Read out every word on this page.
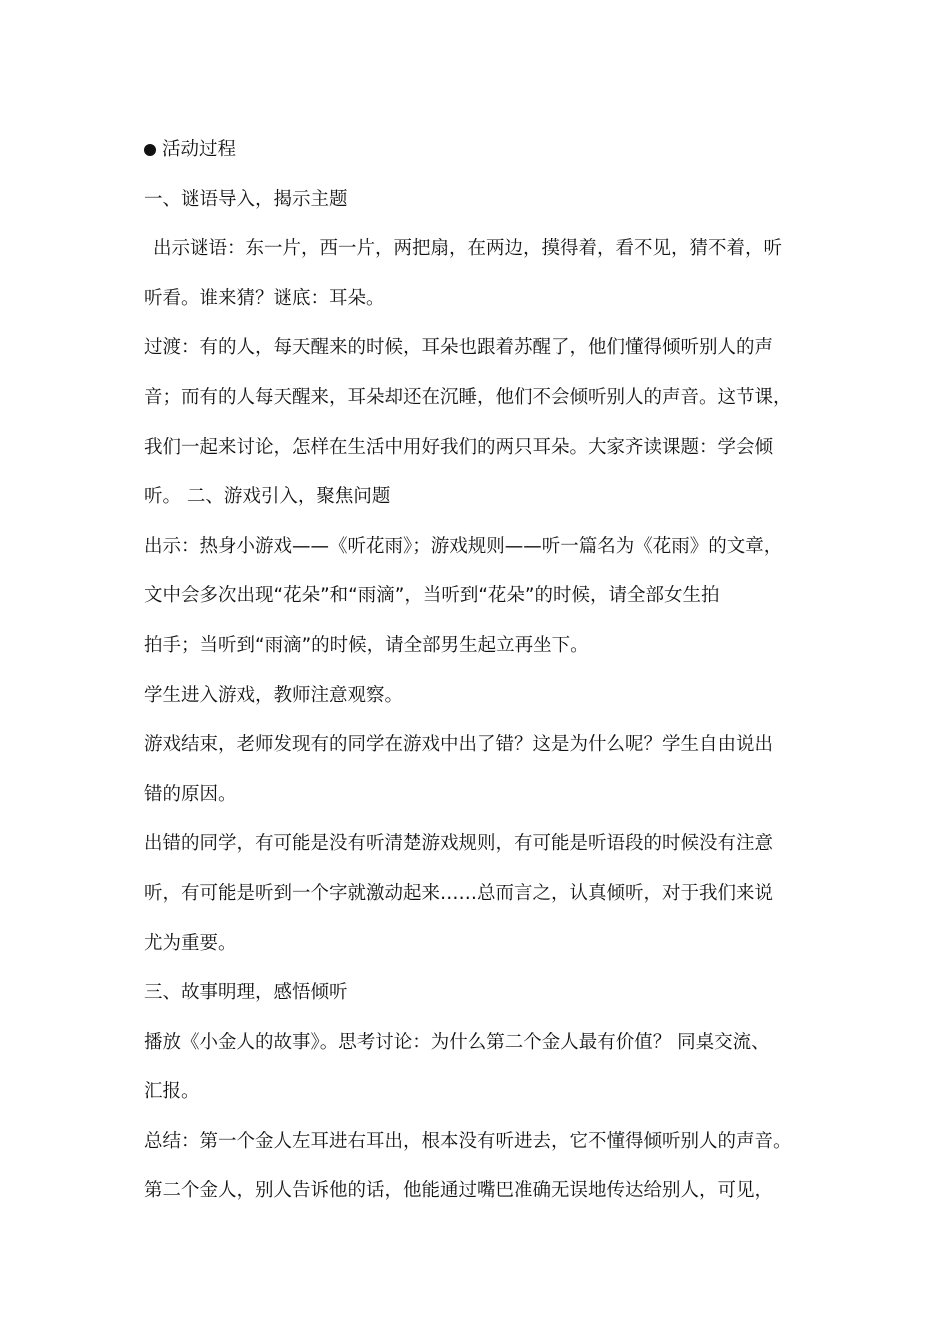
活动过程
一、谜语导入，揭示主题
出示谜语：东一片，西一片，两把扇，在两边，摸得着，看不见，猜不着，听
听看。谁来猜？谜底：耳朵。
过渡：有的人，每天醒来的时候，耳朵也跟着苏醒了，他们懂得倾听别人的声
音；而有的人每天醒来，耳朵却还在沉睡，他们不会倾听别人的声音。这节课，
我们一起来讨论，怎样在生活中用好我们的两只耳朵。大家齐读课题：学会倾
听。 二、游戏引入，聚焦问题
出示：热身小游戏——《听花雨》；游戏规则——听一篇名为《花雨》的文章，
文中会多次出现“花朵”和“雨滴”，当听到“花朵”的时候，请全部女生拍
拍手；当听到“雨滴”的时候，请全部男生起立再坐下。
学生进入游戏，教师注意观察。
游戏结束，老师发现有的同学在游戏中出了错？这是为什么呢？学生自由说出
错的原因。
出错的同学，有可能是没有听清楚游戏规则，有可能是听语段的时候没有注意
听，有可能是听到一个字就激动起来……总而言之，认真倾听，对于我们来说
尤为重要。
三、故事明理，感悟倾听
播放《小金人的故事》。思考讨论：为什么第二个金人最有价值？ 同桌交流、
汇报。
总结：第一个金人左耳进右耳出，根本没有听进去，它不懂得倾听别人的声音。
第二个金人，别人告诉他的话，他能通过嘴巴准确无误地传达给别人，可见，
